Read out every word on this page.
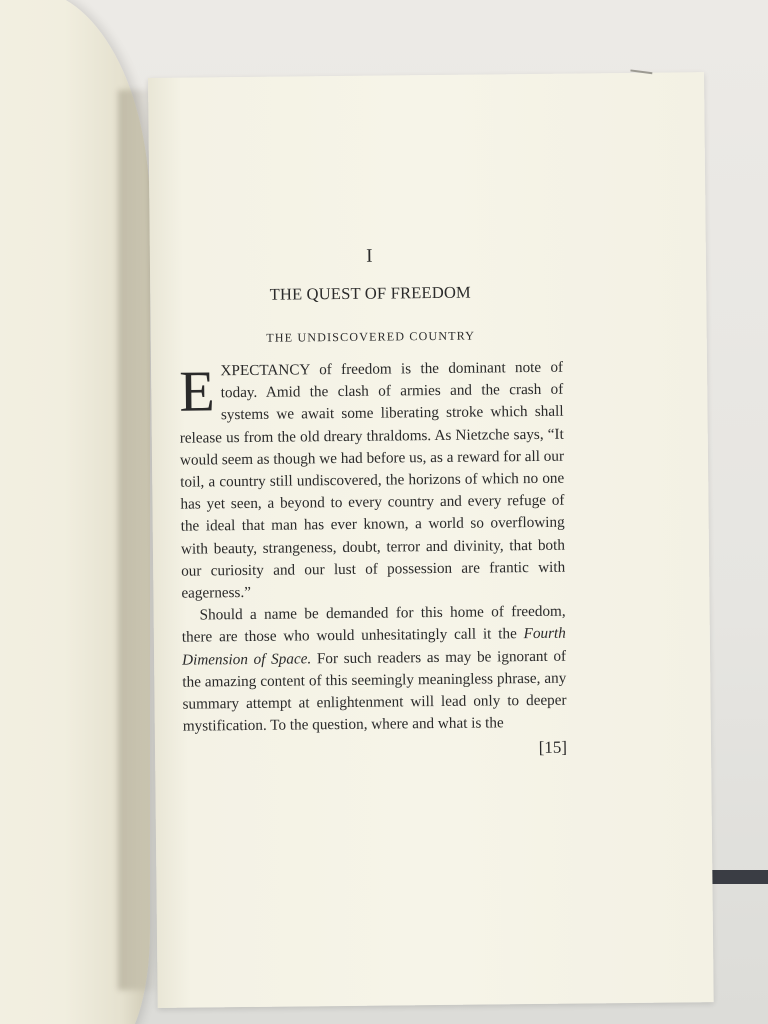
I
THE QUEST OF FREEDOM
THE UNDISCOVERED COUNTRY

EXPECTANCY of freedom is the dominant note of today. Amid the clash of armies and the crash of systems we await some liberating stroke which shall release us from the old dreary thraldoms. As Nietzche says, “It would seem as though we had before us, as a reward for all our toil, a country still undiscovered, the horizons of which no one has yet seen, a beyond to every country and every refuge of the ideal that man has ever known, a world so overflowing with beauty, strangeness, doubt, terror and divinity, that both our curiosity and our lust of possession are frantic with eagerness.”

Should a name be demanded for this home of freedom, there are those who would unhesitatingly call it the Fourth Dimension of Space. For such readers as may be ignorant of the amazing content of this seemingly meaningless phrase, any summary attempt at enlightenment will lead only to deeper mystification. To the question, where and what is the

[15]
